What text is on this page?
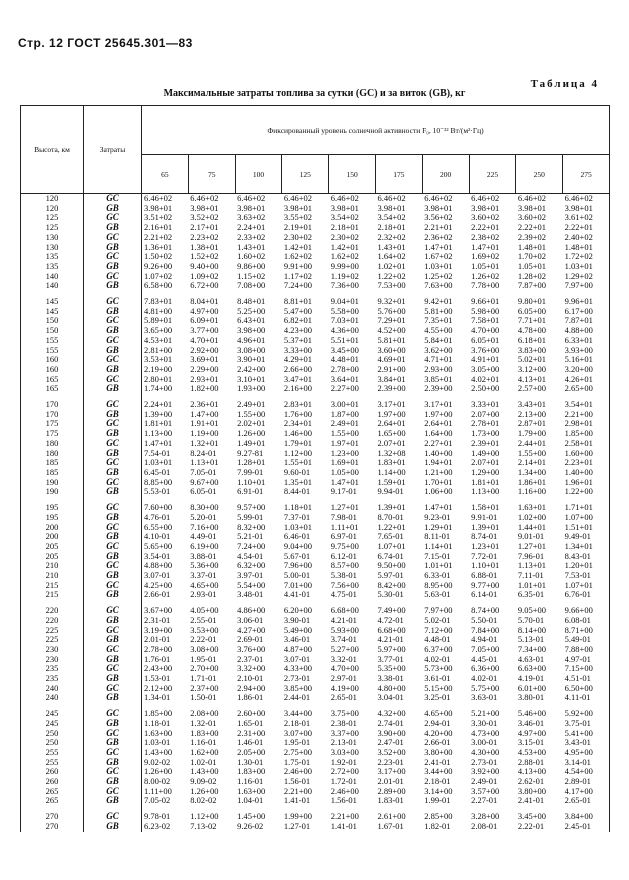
Стр. 12 ГОСТ 25645.301—83
Таблица 4
Максимальные затраты топлива за сутки (GC) и за виток (GB), кг
Высота, км	Затраты	Фиксированный уровень солнечной активности F₀, 10⁻²² Вт/(м²·Гц)									
		65	75	100	125	150	175	200	225	250	275
120	GC	6.46+02	6.46+02	6.46+02	6.46+02	6.46+02	6.46+02	6.46+02	6.46+02	6.46+02	6.46+02
120	GB	3.98+01	3.98+01	3.98+01	3.98+01	3.98+01	3.98+01	3.98+01	3.98+01	3.98+01	3.98+01
125	GC	3.51+02	3.52+02	3.63+02	3.55+02	3.54+02	3.54+02	3.56+02	3.60+02	3.60+02	3.61+02
125	GB	2.16+01	2.17+01	2.24+01	2.19+01	2.18+01	2.18+01	2.21+01	2.22+01	2.22+01	2.22+01
130	GC	2.21+02	2.23+02	2.33+02	2.30+02	2.30+02	2.32+02	2.36+02	2.38+02	2.39+02	2.40+02
130	GB	1.36+01	1.38+01	1.43+01	1.42+01	1.42+01	1.43+01	1.47+01	1.47+01	1.48+01	1.48+01
135	GC	1.50+02	1.52+02	1.60+02	1.62+02	1.62+02	1.64+02	1.67+02	1.69+02	1.70+02	1.72+02
135	GB	9.26+00	9.40+00	9.86+00	9.91+00	9.99+00	1.02+01	1.03+01	1.05+01	1.05+01	1.03+01
140	GC	1.07+02	1.09+02	1.15+02	1.17+02	1.19+02	1.22+02	1.25+02	1.26+02	1.28+02	1.29+02
140	GB	6.58+00	6.72+00	7.08+00	7.24+00	7.36+00	7.53+00	7.63+00	7.78+00	7.87+00	7.97+00
145	GC	7.83+01	8.04+01	8.48+01	8.81+01	9.04+01	9.32+01	9.42+01	9.66+01	9.80+01	9.96+01
145	GB	4.81+00	4.97+00	5.25+00	5.47+00	5.58+00	5.76+00	5.81+00	5.98+00	6.05+00	6.17+00
150	GC	5.89+01	6.09+01	6.43+01	6.82+01	7.03+01	7.29+01	7.35+01	7.58+01	7.71+01	7.87+01
150	GB	3.65+00	3.77+00	3.98+00	4.23+00	4.36+00	4.52+00	4.55+00	4.70+00	4.78+00	4.88+00
155	GC	4.53+01	4.70+01	4.96+01	5.37+01	5.51+01	5.81+01	5.84+01	6.05+01	6.18+01	6.33+01
155	GB	2.81+00	2.92+00	3.08+00	3.33+00	3.45+00	3.60+00	3.62+00	3.76+00	3.83+00	3.93+00
160	GC	3.53+01	3.69+01	3.90+01	4.29+01	4.48+01	4.69+01	4.71+01	4.91+01	5.02+01	5.16+01
160	GB	2.19+00	2.29+00	2.42+00	2.66+00	2.78+00	2.91+00	2.93+00	3.05+00	3.12+00	3.20+00
165	GC	2.80+01	2.93+01	3.10+01	3.47+01	3.64+01	3.84+01	3.85+01	4.02+01	4.13+01	4.26+01
165	GB	1.74+00	1.82+00	1.93+00	2.16+00	2.27+00	2.39+00	2.39+00	2.50+00	2.57+00	2.65+00
170	GC	2.24+01	2.36+01	2.49+01	2.83+01	3.00+01	3.17+01	3.17+01	3.33+01	3.43+01	3.54+01
170	GB	1.39+00	1.47+00	1.55+00	1.76+00	1.87+00	1.97+00	1.97+00	2.07+00	2.13+00	2.21+00
175	GC	1.81+01	1.91+01	2.02+01	2.34+01	2.49+01	2.64+01	2.64+01	2.78+01	2.87+01	2.98+01
175	GB	1.13+00	1.19+00	1.26+00	1.46+00	1.55+00	1.65+00	1.64+00	1.73+00	1.79+00	1.85+00
180	GC	1.47+01	1.32+01	1.49+01	1.79+01	1.97+01	2.07+01	2.27+01	2.39+01	2.44+01	2.58+01
180	GB	7.54-01	8.24-01	9.27-81	1.12+00	1.23+00	1.32+08	1.40+00	1.49+00	1.55+00	1.60+00
185	GC	1.03+01	1.13+01	1.28+01	1.55+01	1.69+01	1.83+01	1.94+01	2.07+01	2.14+01	2.23+01
185	GB	6.45-01	7.05-01	7.99-01	9.60-01	1.05+00	1.14+00	1.21+00	1.29+00	1.34+00	1.40+00
190	GC	8.85+00	9.67+00	1.10+01	1.35+01	1.47+01	1.59+01	1.70+01	1.81+01	1.86+01	1.96+01
190	GB	5.53-01	6.05-01	6.91-01	8.44-01	9.17-01	9.94-01	1.06+00	1.13+00	1.16+00	1.22+00
195	GC	7.60+00	8.30+00	9.57+00	1.18+01	1.27+01	1.39+01	1.47+01	1.58+01	1.63+01	1.71+01
195	GB	4.76-01	5.20-01	5.99-01	7.37-01	7.98-01	8.70-01	9.23-01	9.91-01	1.02+00	1.07+00
200	GC	6.55+00	7.16+00	8.32+00	1.03+01	1.11+01	1.22+01	1.29+01	1.39+01	1.44+01	1.51+01
200	GB	4.10-01	4.49-01	5.21-01	6.46-01	6.97-01	7.65-01	8.11-01	8.74-01	9.01-01	9.49-01
205	GC	5.65+00	6.19+00	7.24+00	9.04+00	9.75+00	1.07+01	1.14+01	1.23+01	1.27+01	1.34+01
205	GB	3.54-01	3.88-01	4.54-01	5.67-01	6.12-01	6.74-01	7.15-01	7.72-01	7.96-01	8.43-01
210	GC	4.88+00	5.36+00	6.32+00	7.96+00	8.57+00	9.50+00	1.01+01	1.10+01	1.13+01	1.20+01
210	GB	3.07-01	3.37-01	3.97-01	5.00-01	5.38-01	5.97-01	6.33-01	6.88-01	7.11-01	7.53-01
215	GC	4.25+00	4.65+00	5.54+00	7.01+00	7.56+00	8.42+00	8.95+00	9.77+00	1.01+01	1.07+01
215	GB	2.66-01	2.93-01	3.48-01	4.41-01	4.75-01	5.30-01	5.63-01	6.14-01	6.35-01	6.76-01
220	GC	3.67+00	4.05+00	4.86+00	6.20+00	6.68+00	7.49+00	7.97+00	8.74+00	9.05+00	9.66+00
220	GB	2.31-01	2.55-01	3.06-01	3.90-01	4.21-01	4.72-01	5.02-01	5.50-01	5.70-01	6.08-01
225	GC	3.19+00	3.53+00	4.27+00	5.49+00	5.93+00	6.68+00	7.12+00	7.84+00	8.14+00	8.71+00
225	GB	2.01-01	2.22-01	2.69-01	3.46-01	3.74-01	4.21-01	4.48-01	4.94-01	5.13-01	5.49-01
230	GC	2.78+00	3.08+00	3.76+00	4.87+00	5.27+00	5.97+00	6.37+00	7.05+00	7.34+00	7.88+00
230	GB	1.76-01	1.95-01	2.37-01	3.07-01	3.32-01	3.77-01	4.02-01	4.45-01	4.63-01	4.97-01
235	GC	2.43+00	2.70+00	3.32+00	4.33+00	4.70+00	5.35+00	5.73+00	6.36+00	6.63+00	7.15+00
235	GB	1.53-01	1.71-01	2.10-01	2.73-01	2.97-01	3.38-01	3.61-01	4.02-01	4.19-01	4.51-01
240	GC	2.12+00	2.37+00	2.94+00	3.85+00	4.19+00	4.80+00	5.15+00	5.75+00	6.01+00	6.50+00
240	GB	1.34-01	1.50-01	1.86-01	2.44-01	2.65-01	3.04-01	3.25-01	3.63-01	3.80-01	4.11-01
245	GC	1.85+00	2.08+00	2.60+00	3.44+00	3.75+00	4.32+00	4.65+00	5.21+00	5.46+00	5.92+00
245	GB	1.18-01	1.32-01	1.65-01	2.18-01	2.38-01	2.74-01	2.94-01	3.30-01	3.46-01	3.75-01
250	GC	1.63+00	1.83+00	2.31+00	3.07+00	3.37+00	3.90+00	4.20+00	4.73+00	4.97+00	5.41+00
250	GB	1.03-01	1.16-01	1.46-01	1.95-01	2.13-01	2.47-01	2.66-01	3.00-01	3.15-01	3.43-01
255	GC	1.43+00	1.62+00	2.05+00	2.75+00	3.03+00	3.52+00	3.80+00	4.30+00	4.53+00	4.95+00
255	GB	9.02-02	1.02-01	1.30-01	1.75-01	1.92-01	2.23-01	2.41-01	2.73-01	2.88-01	3.14-01
260	GC	1.26+00	1.43+00	1.83+00	2.46+00	2.72+00	3.17+00	3.44+00	3.92+00	4.13+00	4.54+00
260	GB	8.00-02	9.09-02	1.16-01	1.56-01	1.72-01	2.01-01	2.18-01	2.49-01	2.62-01	2.89-01
265	GC	1.11+00	1.26+00	1.63+00	2.21+00	2.46+00	2.89+00	3.14+00	3.57+00	3.80+00	4.17+00
265	GB	7.05-02	8.02-02	1.04-01	1.41-01	1.56-01	1.83-01	1.99-01	2.27-01	2.41-01	2.65-01
270	GC	9.78-01	1.12+00	1.45+00	1.99+00	2.21+00	2.61+00	2.85+00	3.28+00	3.45+00	3.84+00
270	GB	6.23-02	7.13-02	9.26-02	1.27-01	1.41-01	1.67-01	1.82-01	2.08-01	2.22-01	2.45-01
